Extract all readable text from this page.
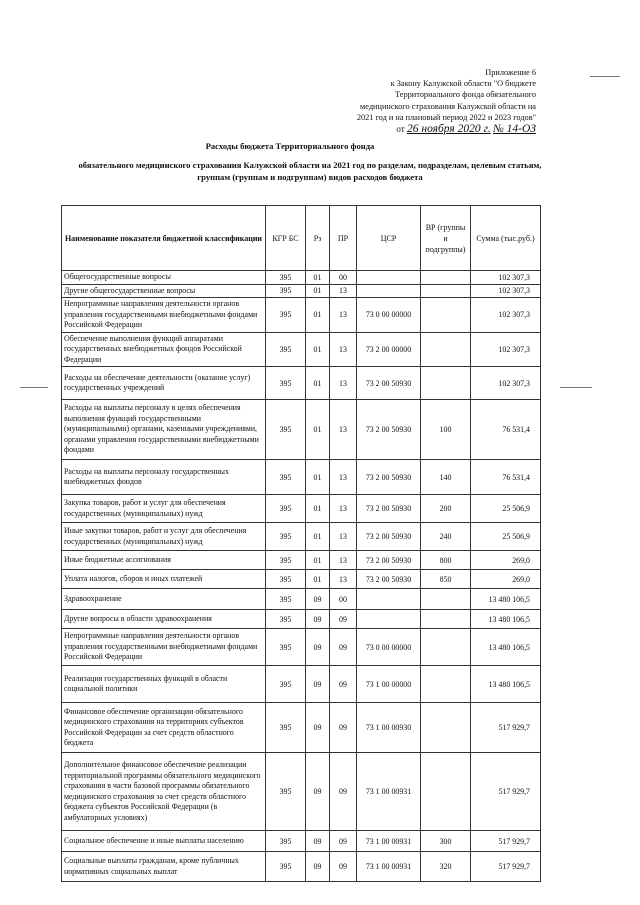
Приложение 6
к Закону Калужской области "О бюджете
Территориального фонда обязательного
медицинского страхования Калужской области на
2021 год и на плановый период 2022 и 2023 годов"
от 26 ноября 2020 г. № 14-ОЗ
Расходы бюджета Территориального фонда
обязательного медицинского страхования Калужской области на 2021 год по разделам, подразделам, целевым статьям,
группам (группам и подгруппам) видов расходов бюджета
Наименование показателя бюджетной классификации	КГР БС	Рз	ПР	ЦСР	ВР (группы и подгруппы)	Сумма (тыс.руб.)
Общегосударственные вопросы	395	01	00			102 307,3
Другие общегосударственные вопросы	395	01	13			102 307,3
Непрограммные направления деятельности органов управления государственными внебюджетными фондами Российской Федерации	395	01	13	73 0 00 00000		102 307,3
Обеспечение выполнения функций аппаратами государственных внебюджетных фондов Российской Федерации	395	01	13	73 2 00 00000		102 307,3
Расходы на обеспечение деятельности (оказание услуг) государственных учреждений	395	01	13	73 2 00 50930		102 307,3
Расходы на выплаты персоналу в целях обеспечения выполнения функций государственными (муниципальными) органами, казенными учреждениями, органами управления государственными внебюджетными фондами	395	01	13	73 2 00 50930	100	76 531,4
Расходы на выплаты персоналу государственных внебюджетных фондов	395	01	13	73 2 00 50930	140	76 531,4
Закупка товаров, работ и услуг для обеспечения государственных (муниципальных) нужд	395	01	13	73 2 00 50930	200	25 506,9
Иные закупки товаров, работ и услуг для обеспечения государственных (муниципальных) нужд	395	01	13	73 2 00 50930	240	25 506,9
Иные бюджетные ассигнования	395	01	13	73 2 00 50930	800	269,0
Уплата налогов, сборов и иных платежей	395	01	13	73 2 00 50930	850	269,0
Здравоохранение	395	09	00			13 480 106,5
Другие вопросы в области здравоохранения	395	09	09			13 480 106,5
Непрограммные направления деятельности органов управления государственными внебюджетными фондами Российской Федерации	395	09	09	73 0 00 00000		13 480 106,5
Реализация государственных функций в области социальной политики	395	09	09	73 1 00 00000		13 480 106,5
Финансовое обеспечение организации обязательного медицинского страхования на территориях субъектов Российской Федерации за счет средств областного бюджета	395	09	09	73 1 00 00930		517 929,7
Дополнительное финансовое обеспечение реализации территориальной программы обязательного медицинского страхования в части базовой программы обязательного медицинского страхования за счет средств областного бюджета субъектов Российской Федерации (в амбулаторных условиях)	395	09	09	73 1 00 00931		517 929,7
Социальное обеспечение и иные выплаты населению	395	09	09	73 1 00 00931	300	517 929,7
Социальные выплаты гражданам, кроме публичных нормативных социальных выплат	395	09	09	73 1 00 00931	320	517 929,7
